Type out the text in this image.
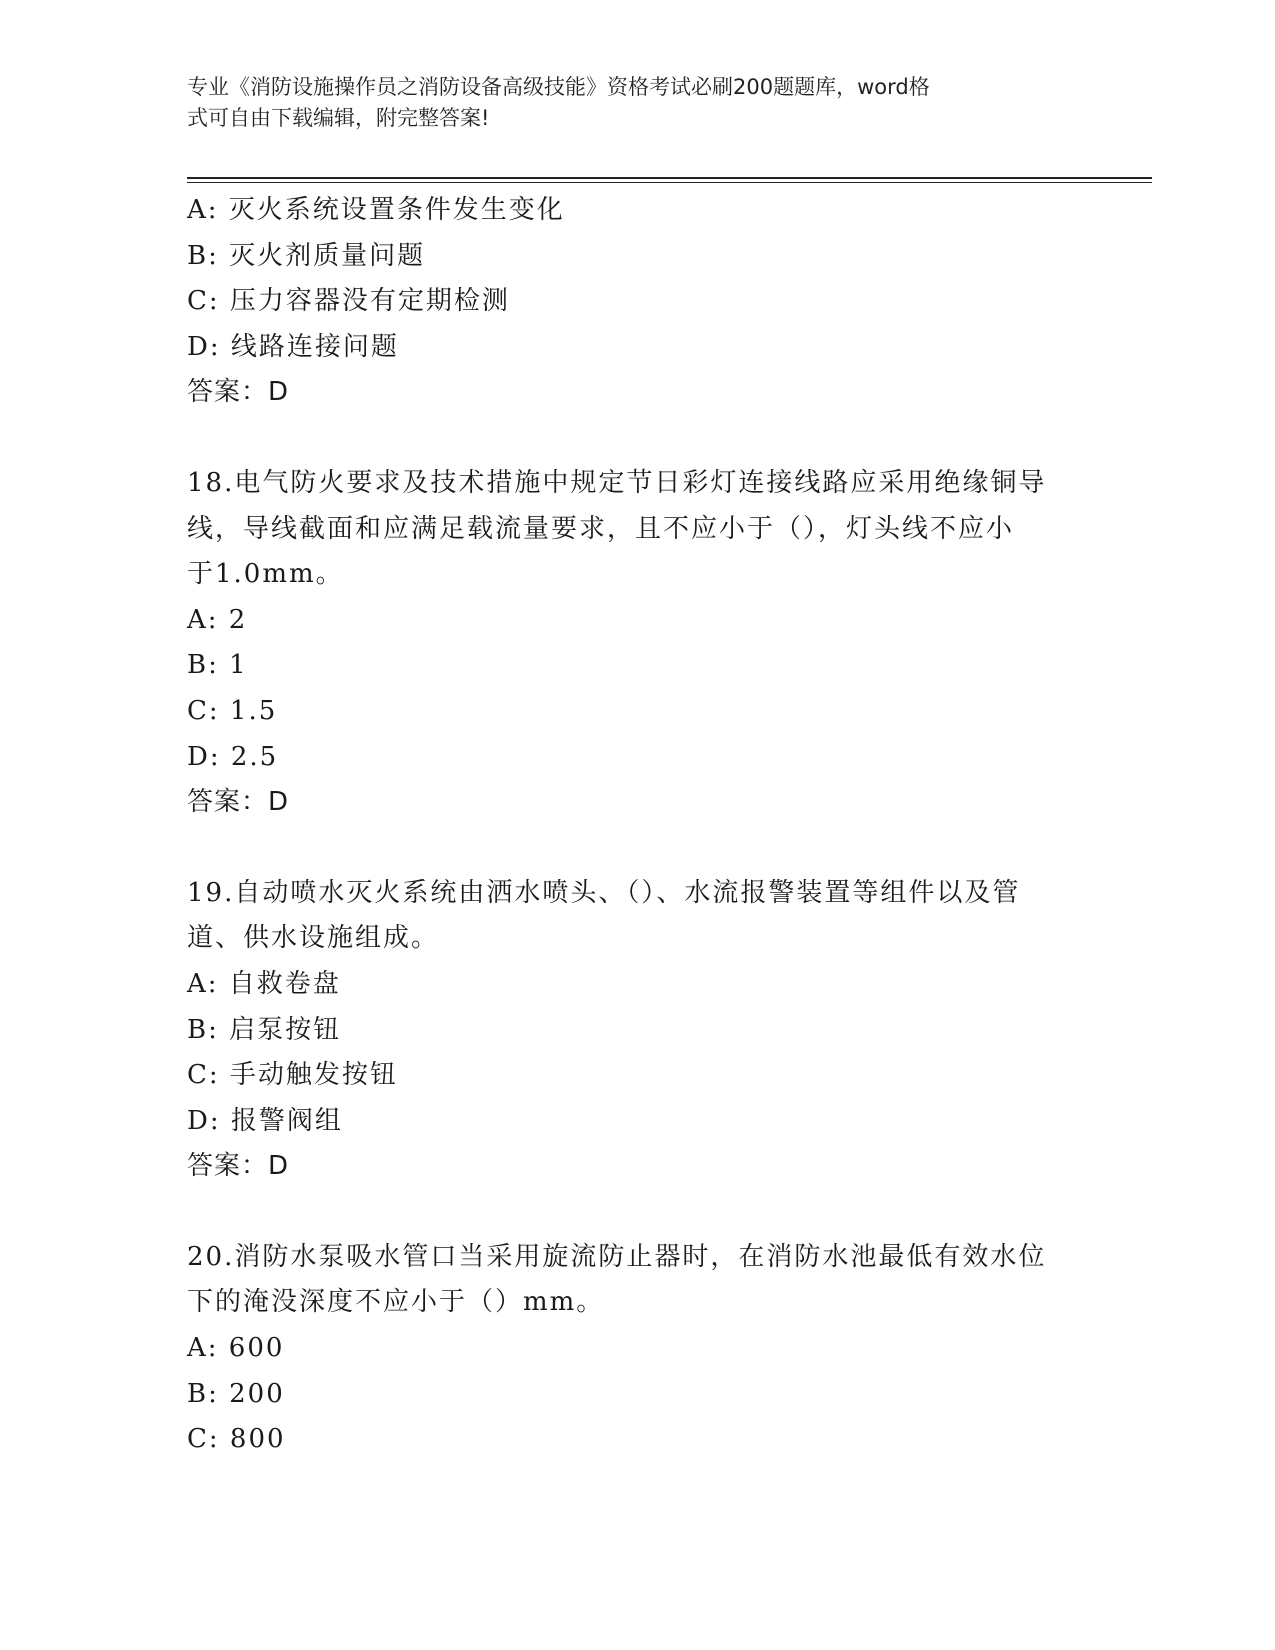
专业《消防设施操作员之消防设备高级技能》资格考试必刷200题题库，word格
式可自由下载编辑，附完整答案!
A: 灭火系统设置条件发生变化
B: 灭火剂质量问题
C: 压力容器没有定期检测
D: 线路连接问题
答案：D
18.电气防火要求及技术措施中规定节日彩灯连接线路应采用绝缘铜导
线，导线截面和应满足载流量要求，且不应小于（），灯头线不应小
于1.0mm。
A: 2
B: 1
C: 1.5
D: 2.5
答案：D
19.自动喷水灭火系统由洒水喷头、（）、水流报警装置等组件以及管
道、供水设施组成。
A: 自救卷盘
B: 启泵按钮
C: 手动触发按钮
D: 报警阀组
答案：D
20.消防水泵吸水管口当采用旋流防止器时，在消防水池最低有效水位
下的淹没深度不应小于（）mm。
A: 600
B: 200
C: 800
